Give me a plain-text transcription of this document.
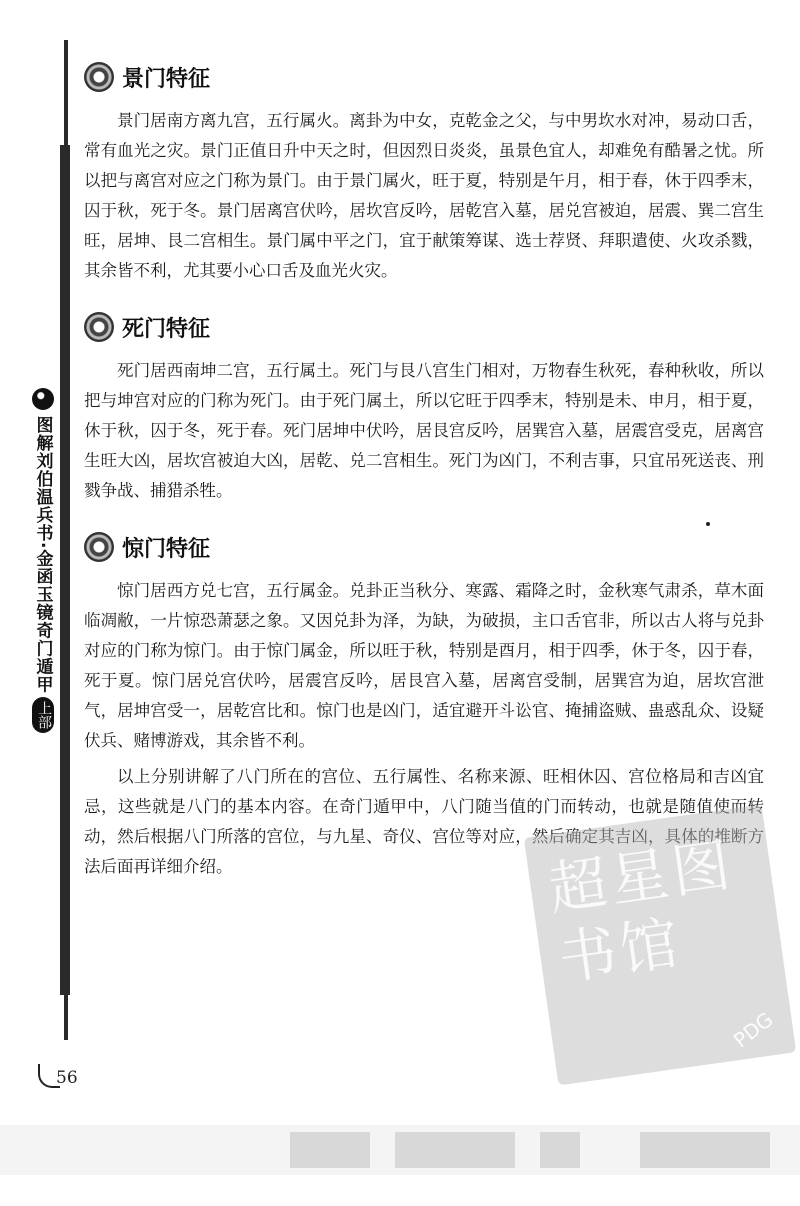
图解刘伯温兵书·金函玉镜奇门遁甲
上部
景门特征

景门居南方离九宫，五行属火。离卦为中女，克乾金之父，与中男坎水对冲，易动口舌，常有血光之灾。景门正值日升中天之时，但因烈日炎炎，虽景色宜人，却难免有酷暑之忧。所以把与离宫对应之门称为景门。由于景门属火，旺于夏，特别是午月，相于春，休于四季末，囚于秋，死于冬。景门居离宫伏吟，居坎宫反吟，居乾宫入墓，居兑宫被迫，居震、巽二宫生旺，居坤、艮二宫相生。景门属中平之门，宜于献策筹谋、选士荐贤、拜职遣使、火攻杀戮，其余皆不利，尤其要小心口舌及血光火灾。

死门特征

死门居西南坤二宫，五行属土。死门与艮八宫生门相对，万物春生秋死，春种秋收，所以把与坤宫对应的门称为死门。由于死门属土，所以它旺于四季末，特别是未、申月，相于夏，休于秋，囚于冬，死于春。死门居坤中伏吟，居艮宫反吟，居巽宫入墓，居震宫受克，居离宫生旺大凶，居坎宫被迫大凶，居乾、兑二宫相生。死门为凶门，不利吉事，只宜吊死送丧、刑戮争战、捕猎杀牲。

惊门特征

惊门居西方兑七宫，五行属金。兑卦正当秋分、寒露、霜降之时，金秋寒气肃杀，草木面临凋敝，一片惊恐萧瑟之象。又因兑卦为泽，为缺，为破损，主口舌官非，所以古人将与兑卦对应的门称为惊门。由于惊门属金，所以旺于秋，特别是酉月，相于四季，休于冬，囚于春，死于夏。惊门居兑宫伏吟，居震宫反吟，居艮宫入墓，居离宫受制，居巽宫为迫，居坎宫泄气，居坤宫受一，居乾宫比和。惊门也是凶门，适宜避开斗讼官、掩捕盗贼、蛊惑乱众、设疑伏兵、赌博游戏，其余皆不利。

以上分别讲解了八门所在的宫位、五行属性、名称来源、旺相休囚、宫位格局和吉凶宜忌，这些就是八门的基本内容。在奇门遁甲中，八门随当值的门而转动，也就是随值使而转动，然后根据八门所落的宫位，与九星、奇仪、宫位等对应，然后确定其吉凶，具体的推断方法后面再详细介绍。	超星图书馆
PDG
56
